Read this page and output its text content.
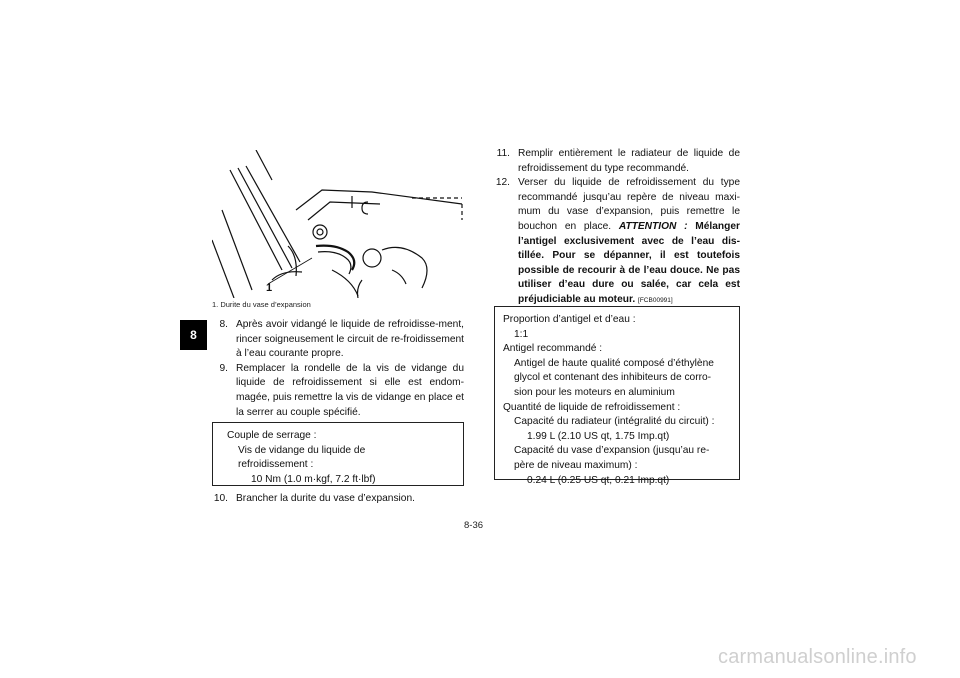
8
1
1. Durite du vase d’expansion
8. Après avoir vidangé le liquide de refroidisse-ment, rincer soigneusement le circuit de re-froidissement à l’eau courante propre.
9. Remplacer la rondelle de la vis de vidange du liquide de refroidissement si elle est endom-magée, puis remettre la vis de vidange en place et la serrer au couple spécifié.
Couple de serrage :
Vis de vidange du liquide de refroidissement :
10 Nm (1.0 m·kgf, 7.2 ft·lbf)
10. Brancher la durite du vase d’expansion.
11. Remplir entièrement le radiateur de liquide de refroidissement du type recommandé.
12. Verser du liquide de refroidissement du type recommandé jusqu’au repère de niveau maxi-mum du vase d’expansion, puis remettre le bouchon en place. ATTENTION : Mélanger l’antigel exclusivement avec de l’eau dis-tillée. Pour se dépanner, il est toutefois possible de recourir à de l’eau douce. Ne pas utiliser d’eau dure ou salée, car cela est préjudiciable au moteur. [FCB00991]
Proportion d’antigel et d’eau :
1:1
Antigel recommandé :
Antigel de haute qualité composé d’éthylène glycol et contenant des inhibiteurs de corro-sion pour les moteurs en aluminium
Quantité de liquide de refroidissement :
Capacité du radiateur (intégralité du circuit) :
1.99 L (2.10 US qt, 1.75 Imp.qt)
Capacité du vase d’expansion (jusqu’au re-père de niveau maximum) :
0.24 L (0.25 US qt, 0.21 Imp.qt)
8-36
carmanualsonline.info
